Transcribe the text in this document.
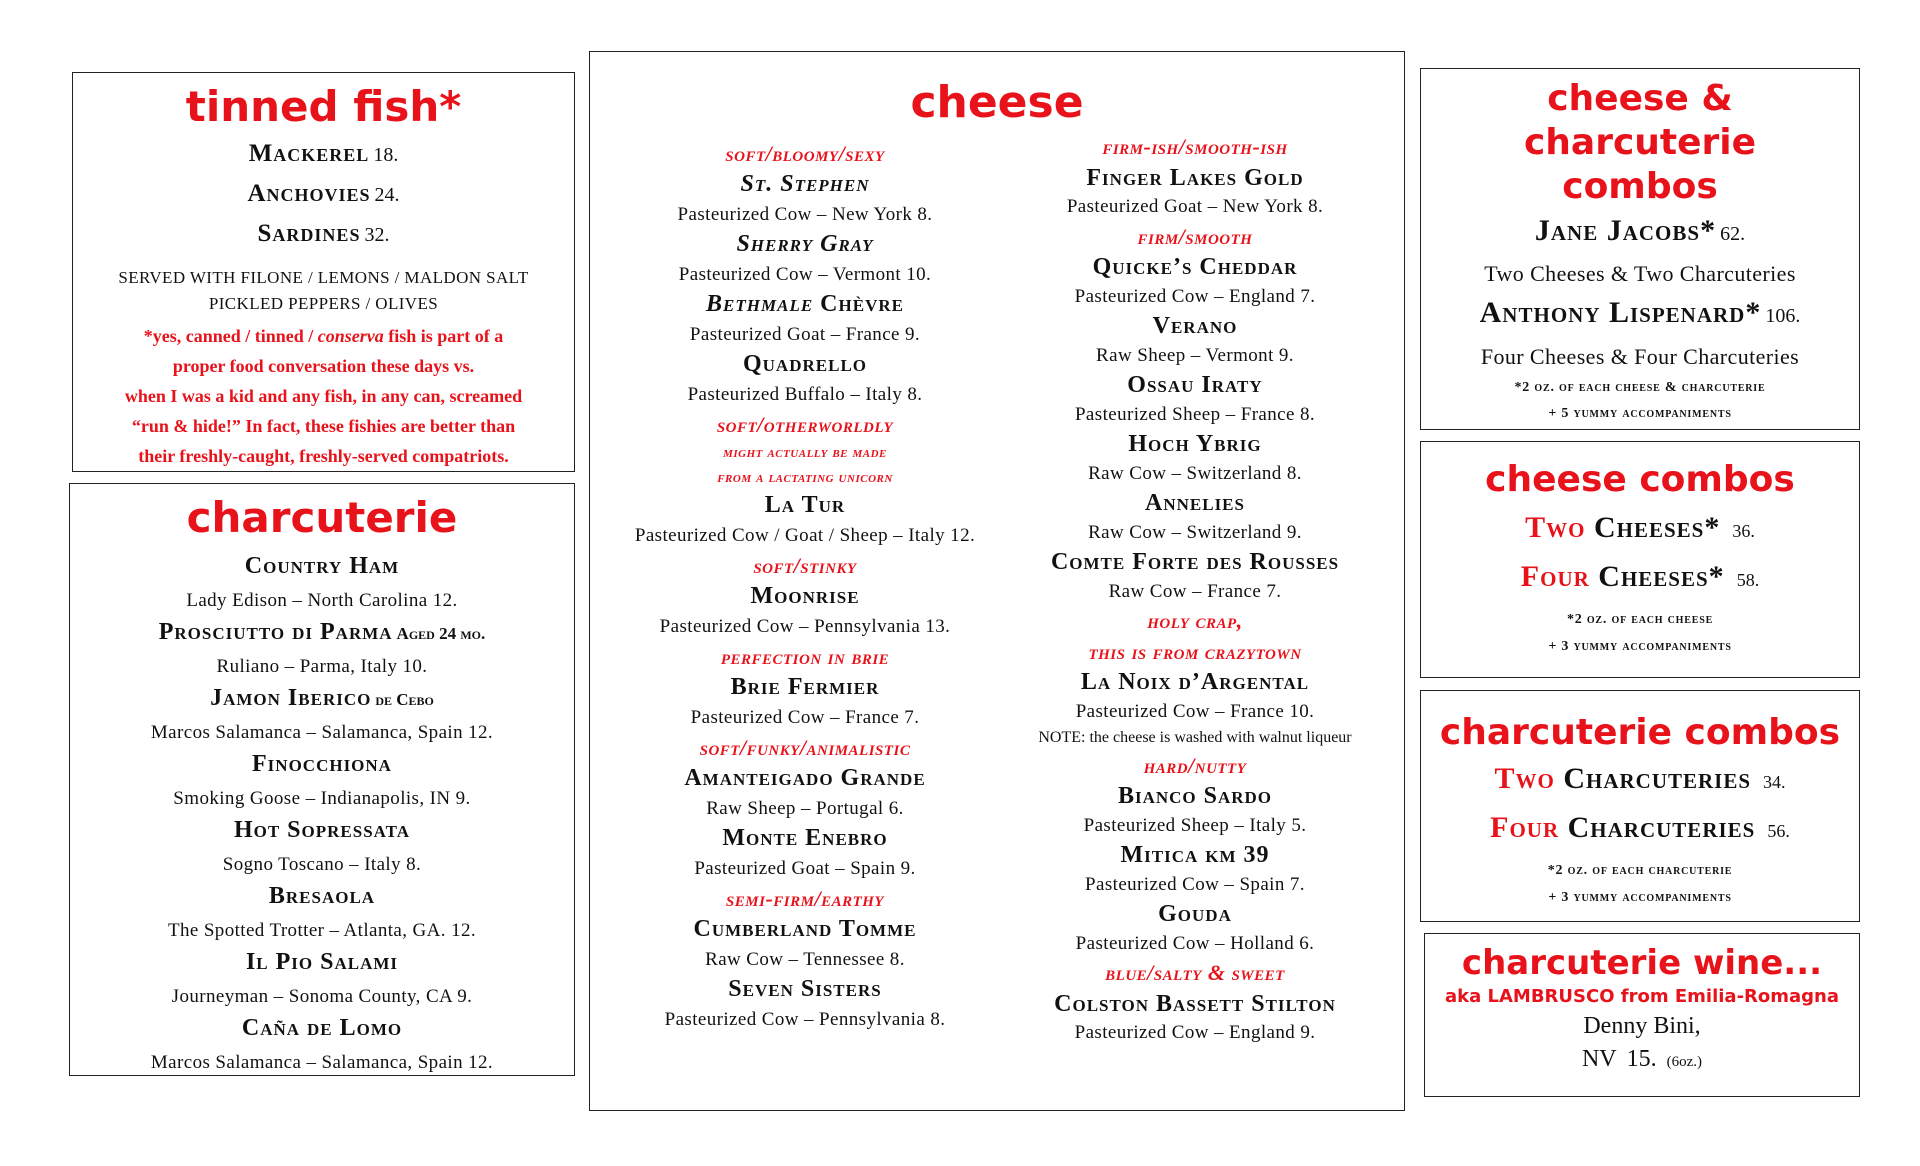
tinned fish*
Mackerel 18.
Anchovies 24.
Sardines 32.
SERVED WITH FILONE / LEMONS / MALDON SALT
PICKLED PEPPERS / OLIVES
*yes, canned / tinned / conserva fish is part of a
proper food conversation these days vs.
when I was a kid and any fish, in any can, screamed
“run & hide!” In fact, these fishies are better than
their freshly-caught, freshly-served compatriots.
charcuterie
Country Ham
Lady Edison – North Carolina 12.
Prosciutto di Parma Aged 24 mo.
Ruliano – Parma, Italy 10.
Jamon Iberico de Cebo
Marcos Salamanca – Salamanca, Spain 12.
Finocchiona
Smoking Goose – Indianapolis, IN 9.
Hot Sopressata
Sogno Toscano – Italy 8.
Bresaola
The Spotted Trotter – Atlanta, GA. 12.
Il Pio Salami
Journeyman – Sonoma County, CA 9.
Caña de Lomo
Marcos Salamanca – Salamanca, Spain 12.
cheese
soft/bloomy/sexy
St. Stephen
Pasteurized Cow – New York 8.
Sherry Gray
Pasteurized Cow – Vermont 10.
Bethmale Chèvre
Pasteurized Goat – France 9.
Quadrello
Pasteurized Buffalo – Italy 8.
soft/otherworldly
might actually be made
from a lactating unicorn
La Tur
Pasteurized Cow / Goat / Sheep – Italy 12.
soft/stinky
Moonrise
Pasteurized Cow – Pennsylvania 13.
perfection in brie
Brie Fermier
Pasteurized Cow – France 7.
soft/funky/animalistic
Amanteigado Grande
Raw Sheep – Portugal 6.
Monte Enebro
Pasteurized Goat – Spain 9.
semi-firm/earthy
Cumberland Tomme
Raw Cow – Tennessee 8.
Seven Sisters
Pasteurized Cow – Pennsylvania 8.
firm-ish/smooth-ish
Finger Lakes Gold
Pasteurized Goat – New York 8.
firm/smooth
Quicke’s Cheddar
Pasteurized Cow – England 7.
Verano
Raw Sheep – Vermont 9.
Ossau Iraty
Pasteurized Sheep – France 8.
Hoch Ybrig
Raw Cow – Switzerland 8.
Annelies
Raw Cow – Switzerland 9.
Comte Forte des Rousses
Raw Cow – France 7.
holy crap,
this is from crazytown
La Noix d’Argental
Pasteurized Cow – France 10.
NOTE: the cheese is washed with walnut liqueur
hard/nutty
Bianco Sardo
Pasteurized Sheep – Italy 5.
Mitica km 39
Pasteurized Cow – Spain 7.
Gouda
Pasteurized Cow – Holland 6.
blue/salty & sweet
Colston Bassett Stilton
Pasteurized Cow – England 9.
cheese &
charcuterie
combos
Jane Jacobs* 62.
Two Cheeses & Two Charcuteries
Anthony Lispenard* 106.
Four Cheeses & Four Charcuteries
*2 oz. of each cheese & charcuterie
+ 5 yummy accompaniments
cheese combos
Two Cheeses* 36.
Four Cheeses* 58.
*2 oz. of each cheese
+ 3 yummy accompaniments
charcuterie combos
Two Charcuteries 34.
Four Charcuteries 56.
*2 oz. of each charcuterie
+ 3 yummy accompaniments
charcuterie wine...
aka LAMBRUSCO from Emilia-Romagna
Denny Bini,
NV 15. (6oz.)
